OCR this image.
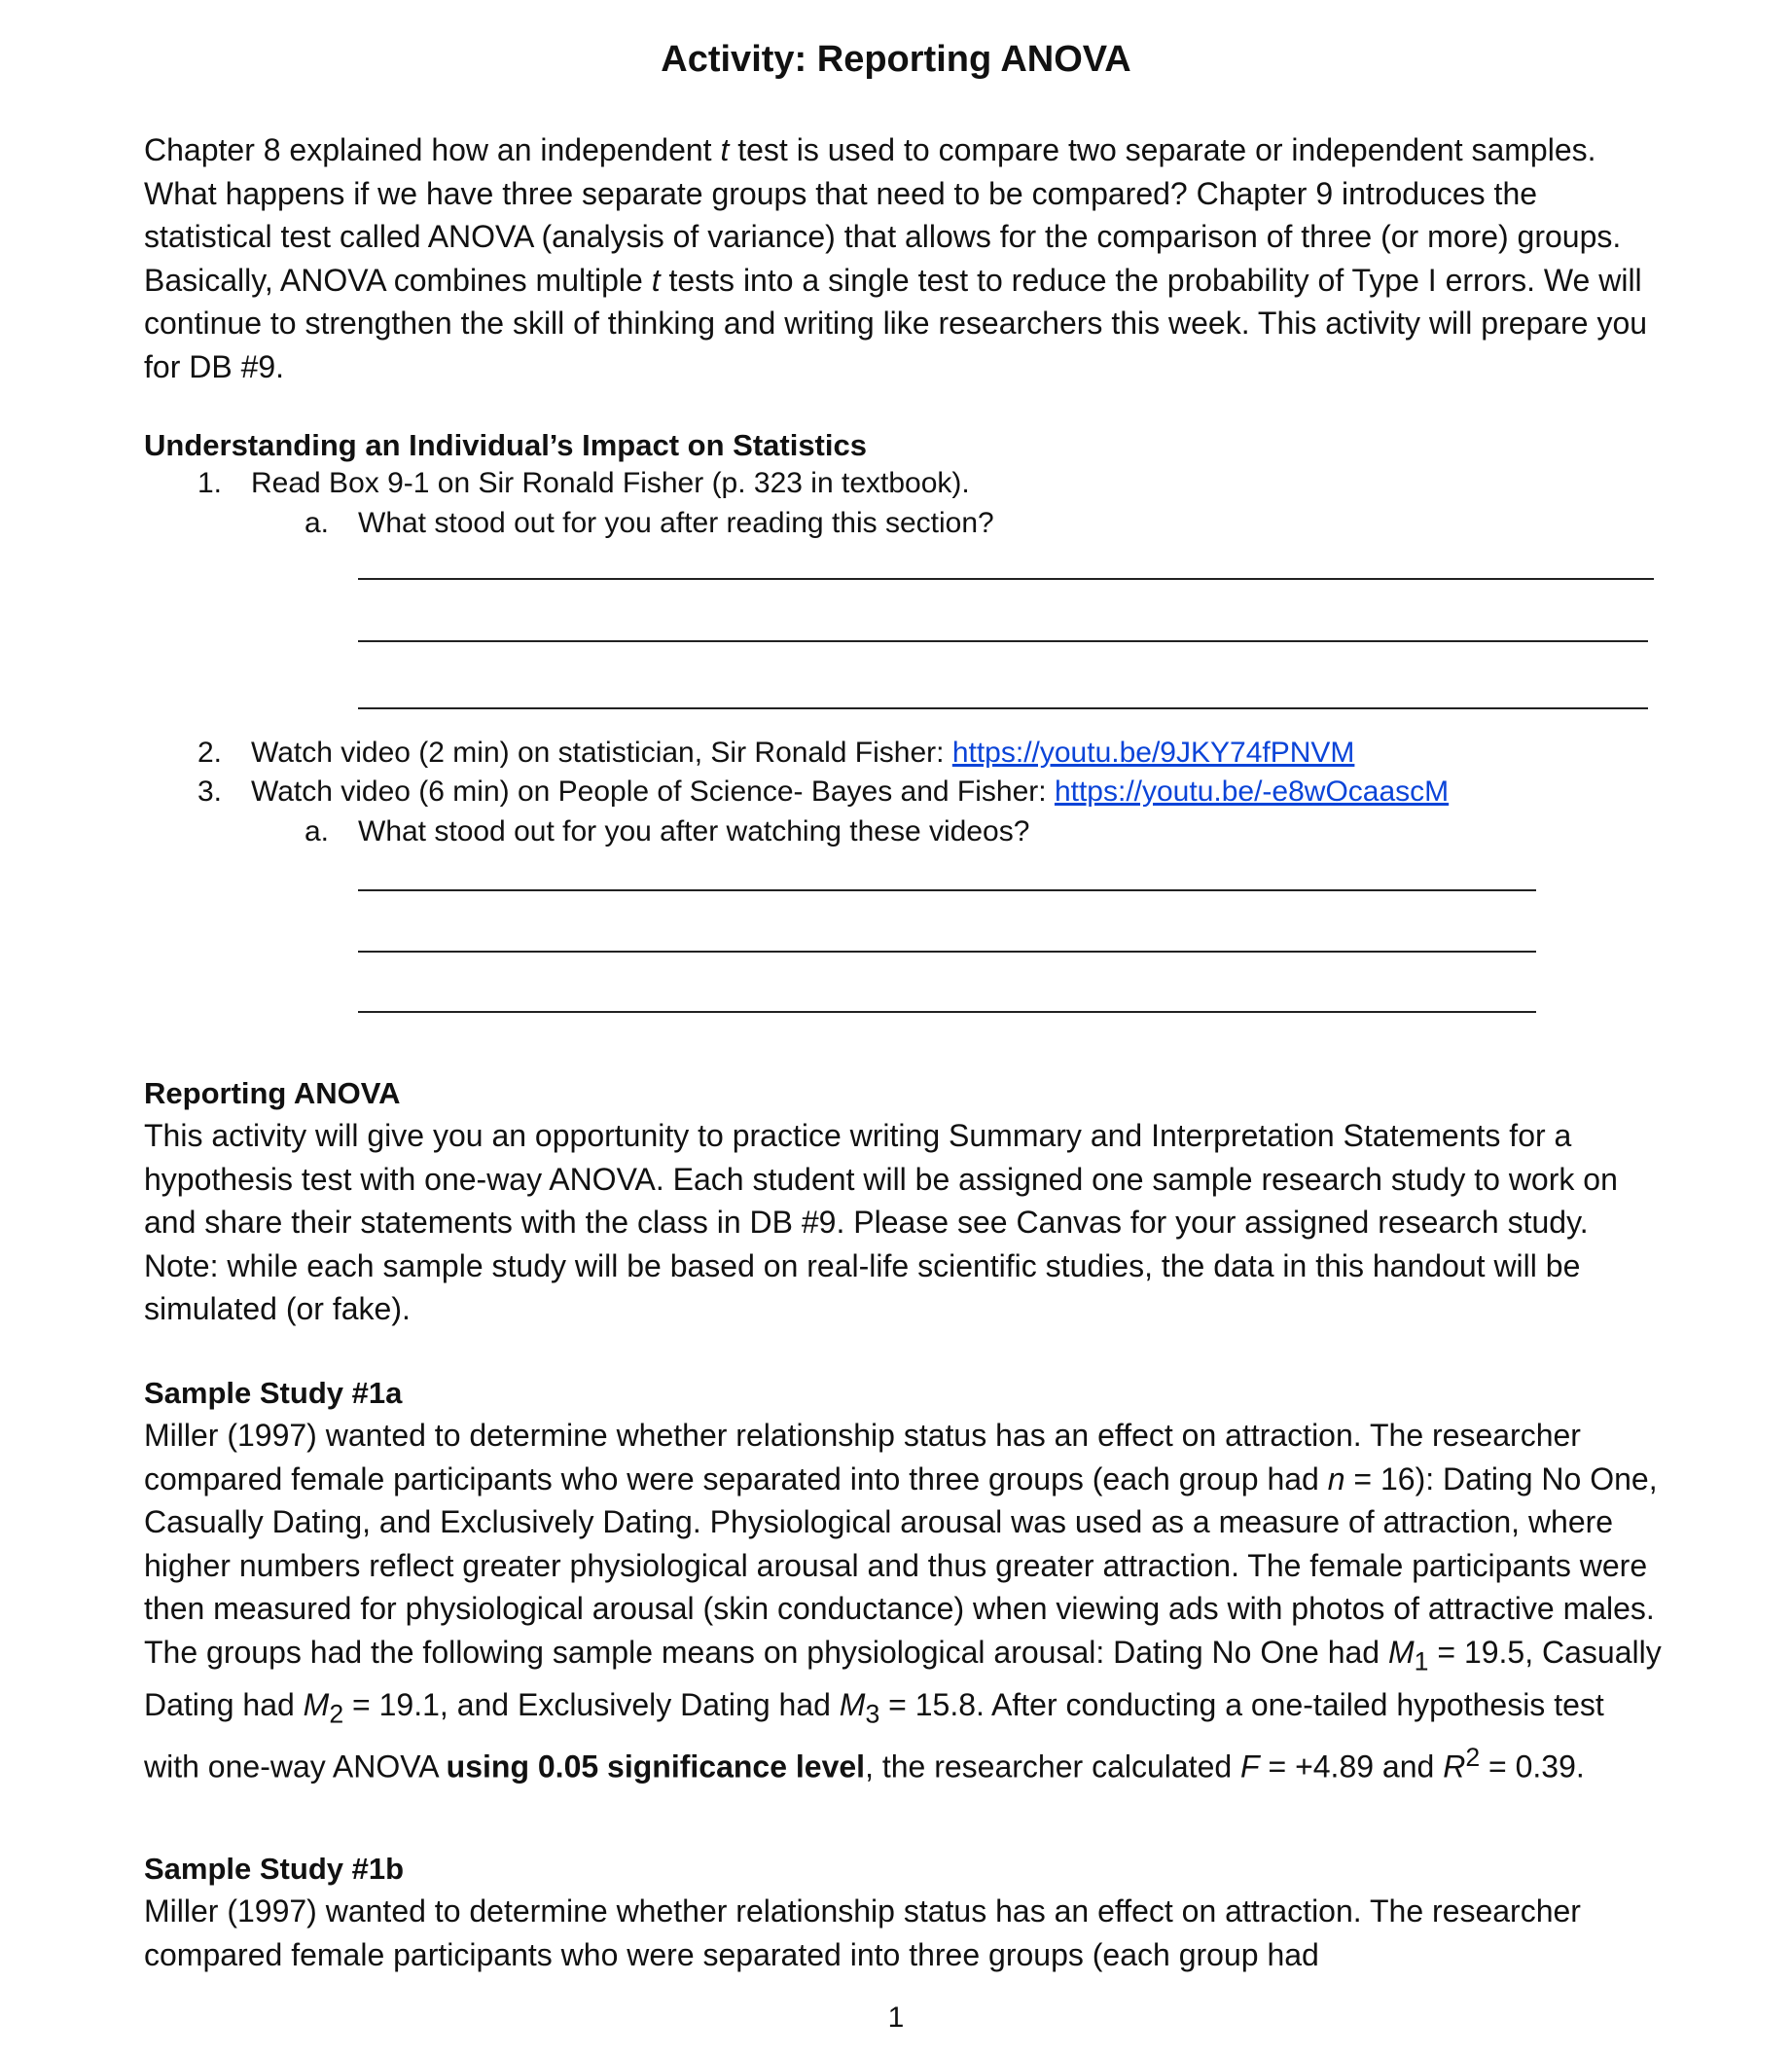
Activity: Reporting ANOVA
Chapter 8 explained how an independent t test is used to compare two separate or independent samples. What happens if we have three separate groups that need to be compared? Chapter 9 introduces the statistical test called ANOVA (analysis of variance) that allows for the comparison of three (or more) groups. Basically, ANOVA combines multiple t tests into a single test to reduce the probability of Type I errors. We will continue to strengthen the skill of thinking and writing like researchers this week. This activity will prepare you for DB #9.
Understanding an Individual’s Impact on Statistics
1. Read Box 9-1 on Sir Ronald Fisher (p. 323 in textbook).
a. What stood out for you after reading this section?
2. Watch video (2 min) on statistician, Sir Ronald Fisher: https://youtu.be/9JKY74fPNVM
3. Watch video (6 min) on People of Science- Bayes and Fisher: https://youtu.be/-e8wOcaascM
a. What stood out for you after watching these videos?
Reporting ANOVA
This activity will give you an opportunity to practice writing Summary and Interpretation Statements for a hypothesis test with one-way ANOVA. Each student will be assigned one sample research study to work on and share their statements with the class in DB #9. Please see Canvas for your assigned research study. Note: while each sample study will be based on real-life scientific studies, the data in this handout will be simulated (or fake).
Sample Study #1a
Miller (1997) wanted to determine whether relationship status has an effect on attraction. The researcher compared female participants who were separated into three groups (each group had n = 16): Dating No One, Casually Dating, and Exclusively Dating. Physiological arousal was used as a measure of attraction, where higher numbers reflect greater physiological arousal and thus greater attraction. The female participants were then measured for physiological arousal (skin conductance) when viewing ads with photos of attractive males. The groups had the following sample means on physiological arousal: Dating No One had $M_1 = 19.5$, Casually Dating had $M_2 = 19.1$, and Exclusively Dating had $M_3 = 15.8$. After conducting a one-tailed hypothesis test with one-way ANOVA using 0.05 significance level, the researcher calculated F = +4.89 and $R^2 = 0.39$.
Sample Study #1b
Miller (1997) wanted to determine whether relationship status has an effect on attraction. The researcher compared female participants who were separated into three groups (each group had
1
